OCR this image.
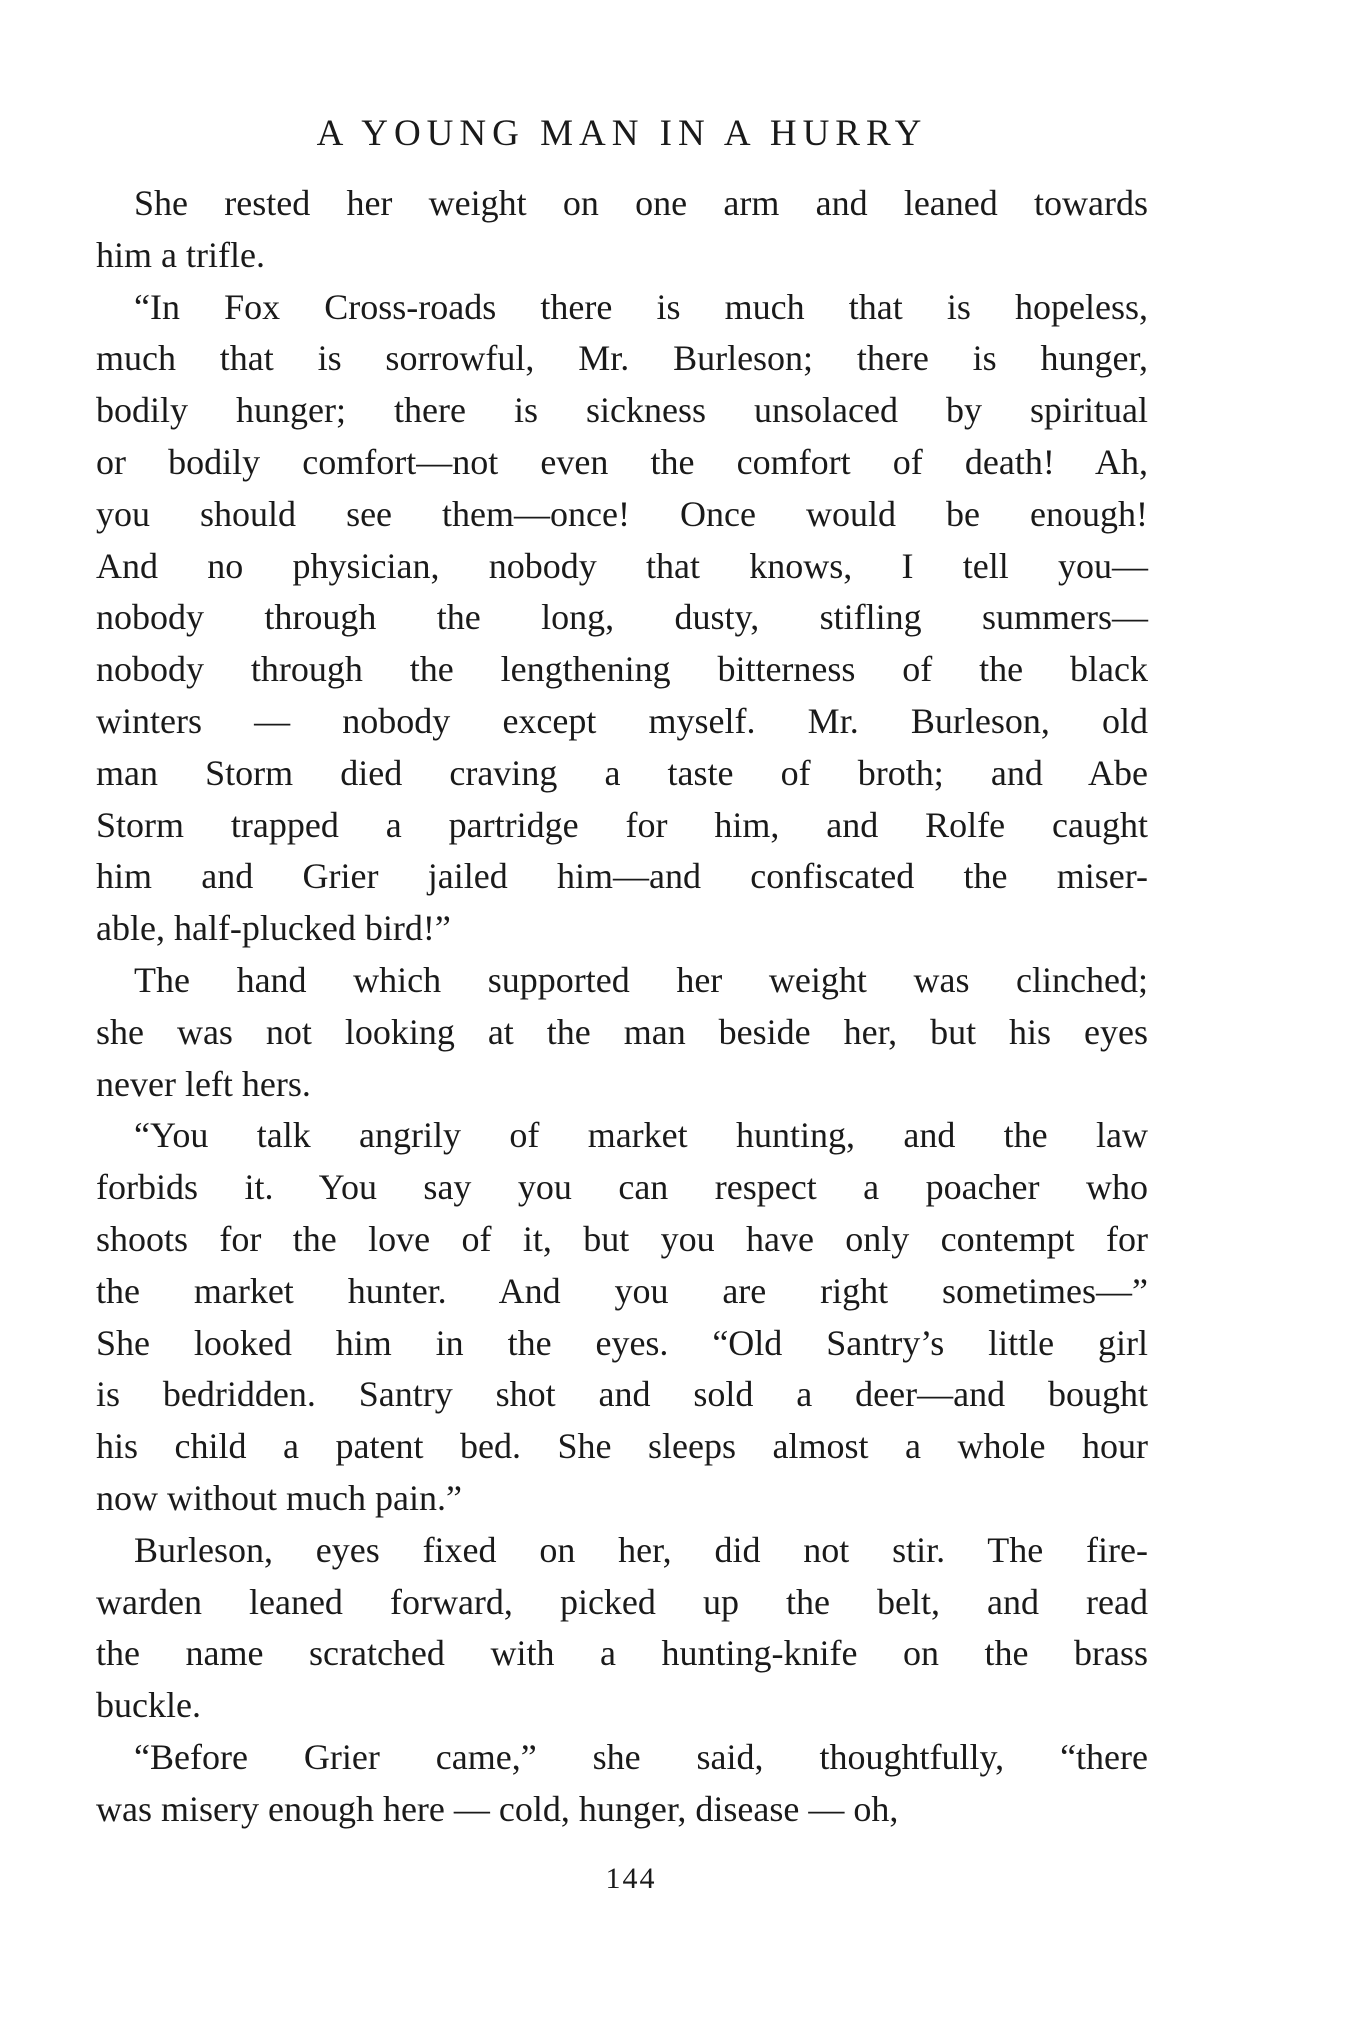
A YOUNG MAN IN A HURRY
She rested her weight on one arm and leaned towards
him a trifle.
“In Fox Cross-roads there is much that is hopeless,
much that is sorrowful, Mr. Burleson; there is hunger,
bodily hunger; there is sickness unsolaced by spiritual
or bodily comfort—not even the comfort of death! Ah,
you should see them—once! Once would be enough!
And no physician, nobody that knows, I tell you—
nobody through the long, dusty, stifling summers—
nobody through the lengthening bitterness of the black
winters — nobody except myself. Mr. Burleson, old
man Storm died craving a taste of broth; and Abe
Storm trapped a partridge for him, and Rolfe caught
him and Grier jailed him—and confiscated the miser-
able, half-plucked bird!”
The hand which supported her weight was clinched;
she was not looking at the man beside her, but his eyes
never left hers.
“You talk angrily of market hunting, and the law
forbids it. You say you can respect a poacher who
shoots for the love of it, but you have only contempt for
the market hunter. And you are right sometimes—”
She looked him in the eyes. “Old Santry’s little girl
is bedridden. Santry shot and sold a deer—and bought
his child a patent bed. She sleeps almost a whole hour
now without much pain.”
Burleson, eyes fixed on her, did not stir. The fire-
warden leaned forward, picked up the belt, and read
the name scratched with a hunting-knife on the brass
buckle.
“Before Grier came,” she said, thoughtfully, “there
was misery enough here — cold, hunger, disease — oh,
144
